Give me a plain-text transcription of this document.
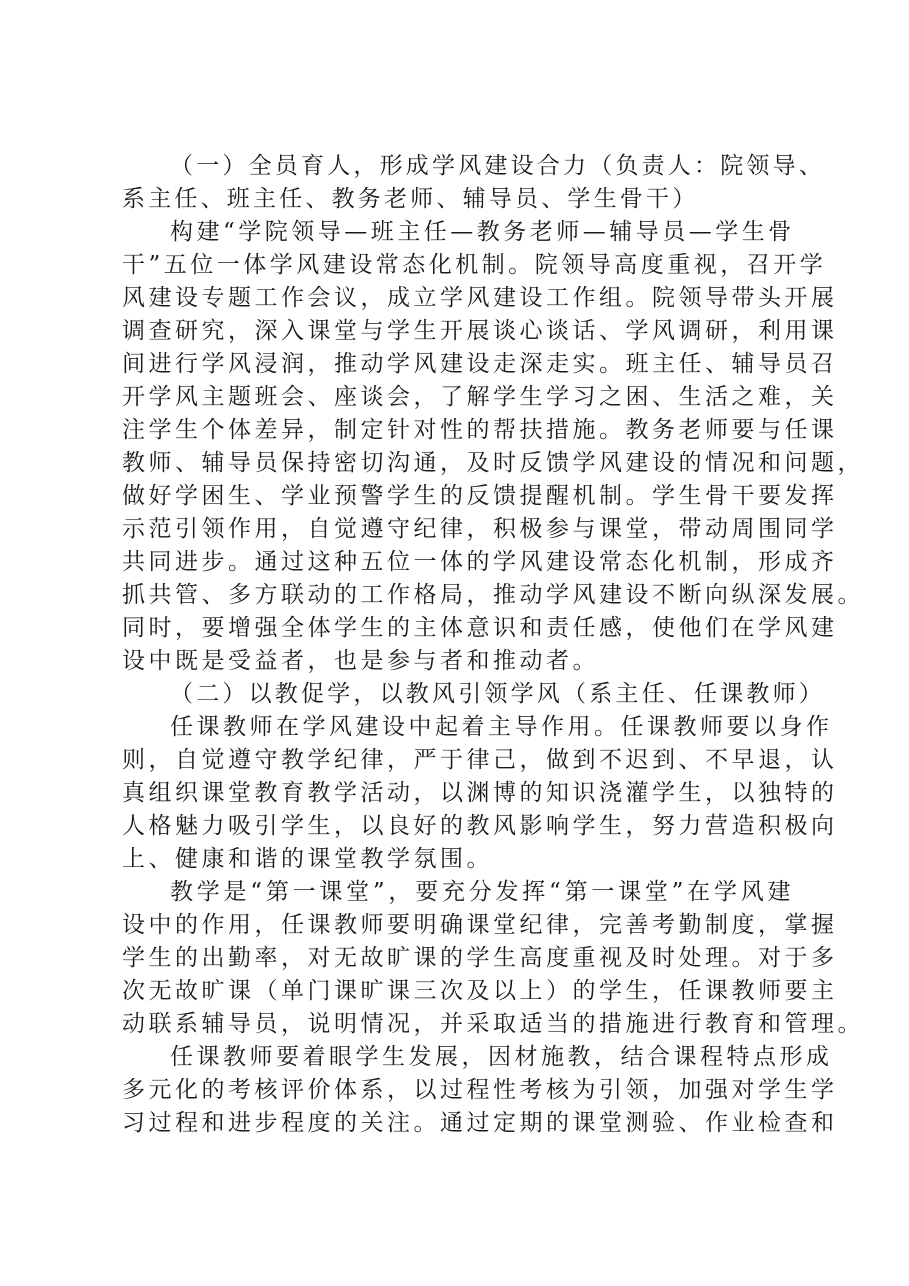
（一）全员育人，形成学风建设合力（负责人：院领导、
系主任、班主任、教务老师、辅导员、学生骨干）
构建“学院领导—班主任—教务老师—辅导员—学生骨
干”五位一体学风建设常态化机制。院领导高度重视，召开学
风建设专题工作会议，成立学风建设工作组。院领导带头开展
调查研究，深入课堂与学生开展谈心谈话、学风调研，利用课
间进行学风浸润，推动学风建设走深走实。班主任、辅导员召
开学风主题班会、座谈会，了解学生学习之困、生活之难，关
注学生个体差异，制定针对性的帮扶措施。教务老师要与任课
教师、辅导员保持密切沟通，及时反馈学风建设的情况和问题，
做好学困生、学业预警学生的反馈提醒机制。学生骨干要发挥
示范引领作用，自觉遵守纪律，积极参与课堂，带动周围同学
共同进步。通过这种五位一体的学风建设常态化机制，形成齐
抓共管、多方联动的工作格局，推动学风建设不断向纵深发展。
同时，要增强全体学生的主体意识和责任感，使他们在学风建
设中既是受益者，也是参与者和推动者。
（二）以教促学，以教风引领学风（系主任、任课教师）
任课教师在学风建设中起着主导作用。任课教师要以身作
则，自觉遵守教学纪律，严于律己，做到不迟到、不早退，认
真组织课堂教育教学活动，以渊博的知识浇灌学生，以独特的
人格魅力吸引学生，以良好的教风影响学生，努力营造积极向
上、健康和谐的课堂教学氛围。
教学是“第一课堂”，要充分发挥“第一课堂”在学风建
设中的作用，任课教师要明确课堂纪律，完善考勤制度，掌握
学生的出勤率，对无故旷课的学生高度重视及时处理。对于多
次无故旷课（单门课旷课三次及以上）的学生，任课教师要主
动联系辅导员，说明情况，并采取适当的措施进行教育和管理。
任课教师要着眼学生发展，因材施教，结合课程特点形成
多元化的考核评价体系，以过程性考核为引领，加强对学生学
习过程和进步程度的关注。通过定期的课堂测验、作业检查和
